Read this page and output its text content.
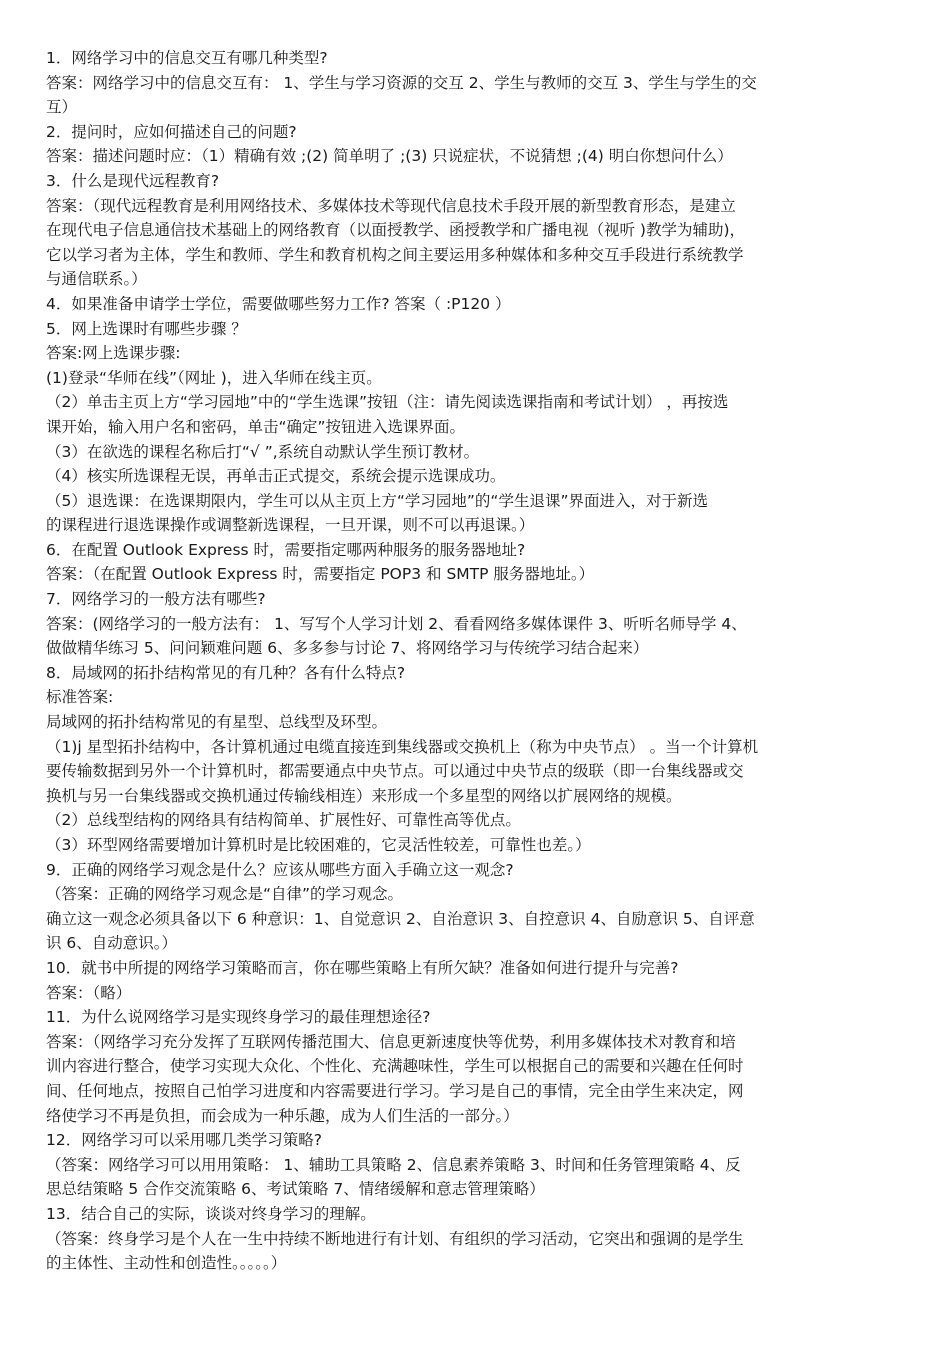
1．网络学习中的信息交互有哪几种类型?
答案：网络学习中的信息交互有： 1、学生与学习资源的交互 2、学生与教师的交互 3、学生与学生的交
互）
2．提问时，应如何描述自己的问题?
答案：描述问题时应：（1）精确有效 ;(2) 简单明了 ;(3) 只说症状，不说猜想 ;(4) 明白你想问什么）
3．什么是现代远程教育?
答案：（现代远程教育是利用网络技术、多媒体技术等现代信息技术手段开展的新型教育形态，是建立
在现代电子信息通信技术基础上的网络教育（以面授教学、函授教学和广播电视（视听 )教学为辅助)，
它以学习者为主体，学生和教师、学生和教育机构之间主要运用多种媒体和多种交互手段进行系统教学
与通信联系。）
4．如果准备申请学士学位，需要做哪些努力工作? 答案（ :P120 ）
5．网上选课时有哪些步骤 ？
答案:网上选课步骤:
(1)登录“华师在线”（网址 )，进入华师在线主页。
（2）单击主页上方“学习园地”中的“学生选课”按钮（注：请先阅读选课指南和考试计划） ，再按选
课开始，输入用户名和密码，单击“确定”按钮进入选课界面。
（3）在欲选的课程名称后打“√ ”,系统自动默认学生预订教材。
（4）核实所选课程无误，再单击正式提交，系统会提示选课成功。
（5）退选课：在选课期限内，学生可以从主页上方“学习园地”的“学生退课”界面进入，对于新选
的课程进行退选课操作或调整新选课程，一旦开课，则不可以再退课。）
6．在配置 Outlook Express 时，需要指定哪两种服务的服务器地址?
答案：（在配置 Outlook Express 时，需要指定 POP3 和 SMTP 服务器地址。）
7．网络学习的一般方法有哪些?
答案：(网络学习的一般方法有： 1、写写个人学习计划 2、看看网络多媒体课件 3、听听名师导学 4、
做做精华练习 5、问问颖难问题 6、多多参与讨论 7、将网络学习与传统学习结合起来）
8．局域网的拓扑结构常见的有几种？各有什么特点?
标准答案:
局域网的拓扑结构常见的有星型、总线型及环型。
（1)j 星型拓扑结构中，各计算机通过电缆直接连到集线器或交换机上（称为中央节点） 。当一个计算机
要传输数据到另外一个计算机时，都需要通点中央节点。可以通过中央节点的级联（即一台集线器或交
换机与另一台集线器或交换机通过传输线相连）来形成一个多星型的网络以扩展网络的规模。
（2）总线型结构的网络具有结构简单、扩展性好、可靠性高等优点。
（3）环型网络需要增加计算机时是比较困难的，它灵活性较差，可靠性也差。）
9．正确的网络学习观念是什么？应该从哪些方面入手确立这一观念?
（答案：正确的网络学习观念是“自律”的学习观念。
确立这一观念必须具备以下 6 种意识：1、自觉意识 2、自治意识 3、自控意识 4、自励意识 5、自评意
识 6、自动意识。）
10．就书中所提的网络学习策略而言，你在哪些策略上有所欠缺？准备如何进行提升与完善?
答案：（略）
11．为什么说网络学习是实现终身学习的最佳理想途径?
答案：（网络学习充分发挥了互联网传播范围大、信息更新速度快等优势，利用多媒体技术对教育和培
训内容进行整合，使学习实现大众化、个性化、充满趣味性，学生可以根据自己的需要和兴趣在任何时
间、任何地点，按照自己怕学习进度和内容需要进行学习。学习是自己的事情，完全由学生来决定，网
络使学习不再是负担，而会成为一种乐趣，成为人们生活的一部分。）
12．网络学习可以采用哪几类学习策略?
（答案：网络学习可以用用策略： 1、辅助工具策略 2、信息素养策略 3、时间和任务管理策略 4、反
思总结策略 5 合作交流策略 6、考试策略 7、情绪缓解和意志管理策略）
13．结合自己的实际，谈谈对终身学习的理解。
（答案：终身学习是个人在一生中持续不断地进行有计划、有组织的学习活动，它突出和强调的是学生
的主体性、主动性和创造性。。。。。）
